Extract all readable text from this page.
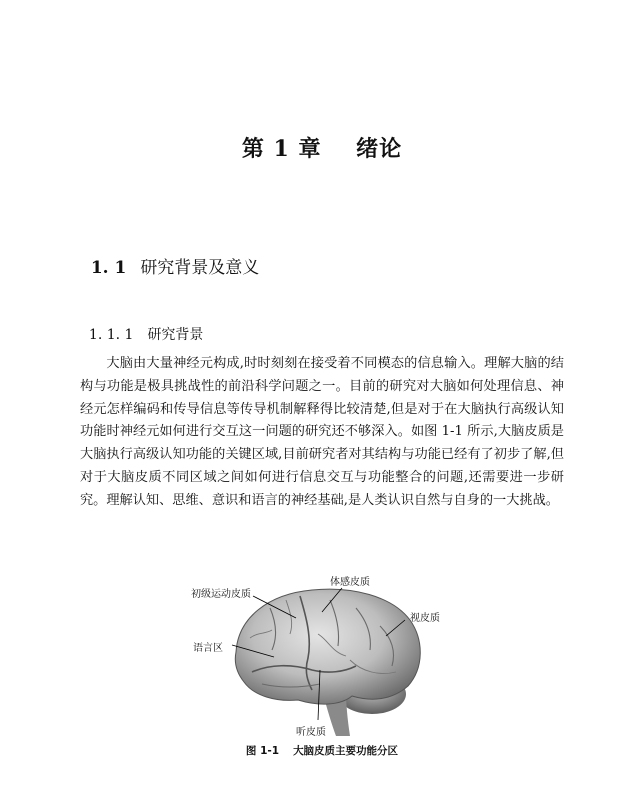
第 1 章    绪论

1. 1 研究背景及意义

1. 1. 1 研究背景

大脑由大量神经元构成,时时刻刻在接受着不同模态的信息输入。理解大脑的结构与功能是极具挑战性的前沿科学问题之一。目前的研究对大脑如何处理信息、神经元怎样编码和传导信息等传导机制解释得比较清楚,但是对于在大脑执行高级认知功能时神经元如何进行交互这一问题的研究还不够深入。如图 1-1 所示,大脑皮质是大脑执行高级认知功能的关键区域,目前研究者对其结构与功能已经有了初步了解,但对于大脑皮质不同区域之间如何进行信息交互与功能整合的问题,还需要进一步研究。理解认知、思维、意识和语言的神经基础,是人类认识自然与自身的一大挑战。

初级运动皮质
体感皮质
视皮质
语言区
听皮质
图 1-1 大脑皮质主要功能分区
